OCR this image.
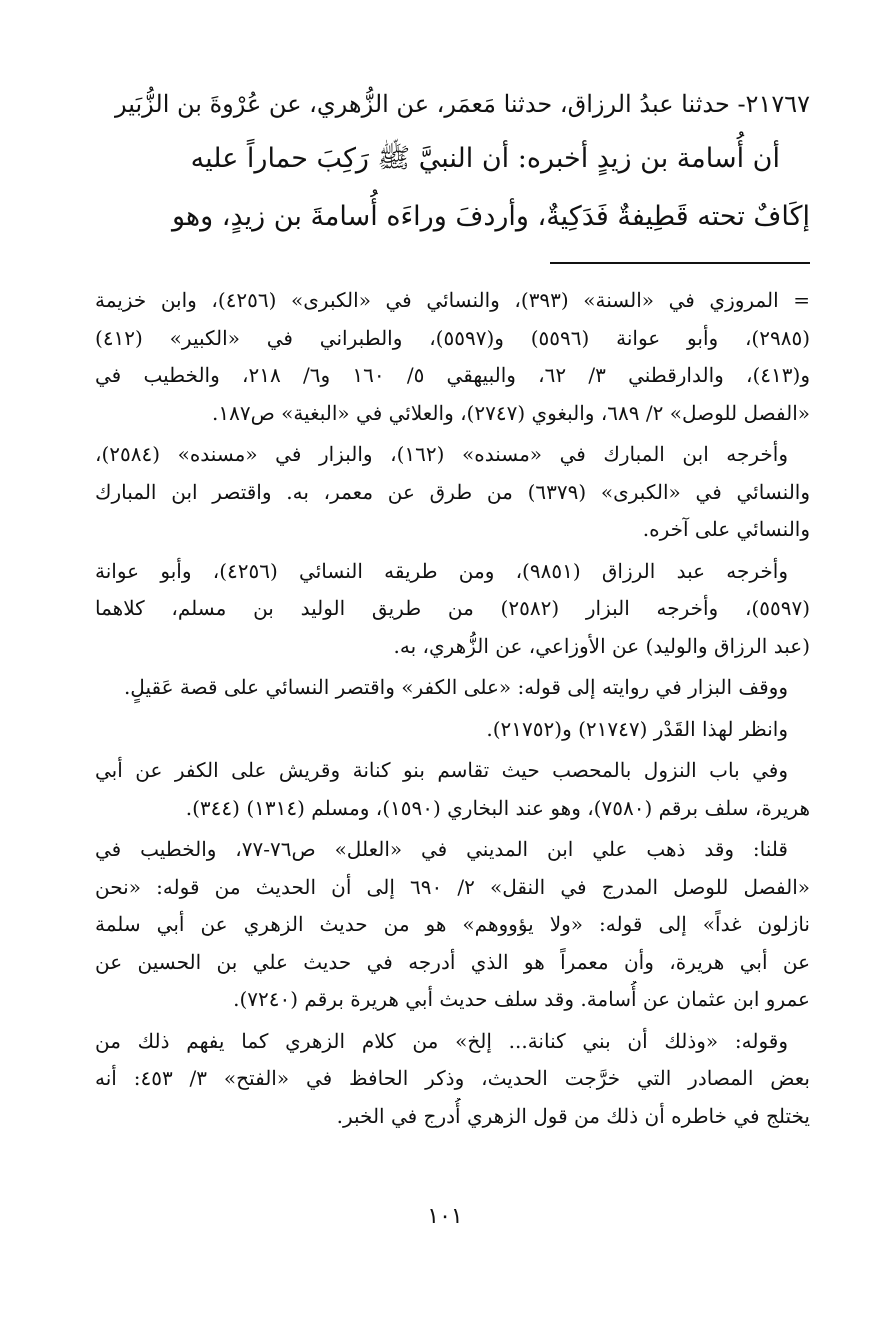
٢١٧٦٧- حدثنا عبدُ الرزاق، حدثنا مَعمَر، عن الزُّهري، عن عُرْوةَ بن الزُّبَير

أن أُسامة بن زيدٍ أخبره: أن النبيَّ ﷺ رَكِبَ حماراً عليه

إكَافٌ تحته قَطِيفةٌ فَدَكِيةٌ، وأردفَ وراءَه أُسامةَ بن زيدٍ، وهو

= المروزي في «السنة» (٣٩٣)، والنسائي في «الكبرى» (٤٢٥٦)، وابن خزيمة
(٢٩٨٥)، وأبو عوانة (٥٥٩٦) و(٥٥٩٧)، والطبراني في «الكبير» (٤١٢)
و(٤١٣)، والدارقطني ٣/ ٦٢، والبيهقي ٥/ ١٦٠ و٦/ ٢١٨، والخطيب في
«الفصل للوصل» ٢/ ٦٨٩، والبغوي (٢٧٤٧)، والعلائي في «البغية» ص١٨٧.
وأخرجه ابن المبارك في «مسنده» (١٦٢)، والبزار في «مسنده» (٢٥٨٤)،
والنسائي في «الكبرى» (٦٣٧٩) من طرق عن معمر، به. واقتصر ابن المبارك
والنسائي على آخره.
وأخرجه عبد الرزاق (٩٨٥١)، ومن طريقه النسائي (٤٢٥٦)، وأبو عوانة
(٥٥٩٧)، وأخرجه البزار (٢٥٨٢) من طريق الوليد بن مسلم، كلاهما
(عبد الرزاق والوليد) عن الأوزاعي، عن الزُّهري، به.
ووقف البزار في روايته إلى قوله: «على الكفر» واقتصر النسائي على قصة عَقيلٍ.
وانظر لهذا القَدْر (٢١٧٤٧) و(٢١٧٥٢).
وفي باب النزول بالمحصب حيث تقاسم بنو كنانة وقريش على الكفر عن أبي
هريرة، سلف برقم (٧٥٨٠)، وهو عند البخاري (١٥٩٠)، ومسلم (١٣١٤) (٣٤٤).
قلنا: وقد ذهب علي ابن المديني في «العلل» ص٧٦-٧٧، والخطيب في
«الفصل للوصل المدرج في النقل» ٢/ ٦٩٠ إلى أن الحديث من قوله: «نحن
نازلون غداً» إلى قوله: «ولا يؤووهم» هو من حديث الزهري عن أبي سلمة
عن أبي هريرة، وأن معمراً هو الذي أدرجه في حديث علي بن الحسين عن
عمرو ابن عثمان عن أُسامة. وقد سلف حديث أبي هريرة برقم (٧٢٤٠).
وقوله: «وذلك أن بني كنانة... إلخ» من كلام الزهري كما يفهم ذلك من
بعض المصادر التي خرَّجت الحديث، وذكر الحافظ في «الفتح» ٣/ ٤٥٣: أنه
يختلج في خاطره أن ذلك من قول الزهري أُدرج في الخبر.
١٠١
